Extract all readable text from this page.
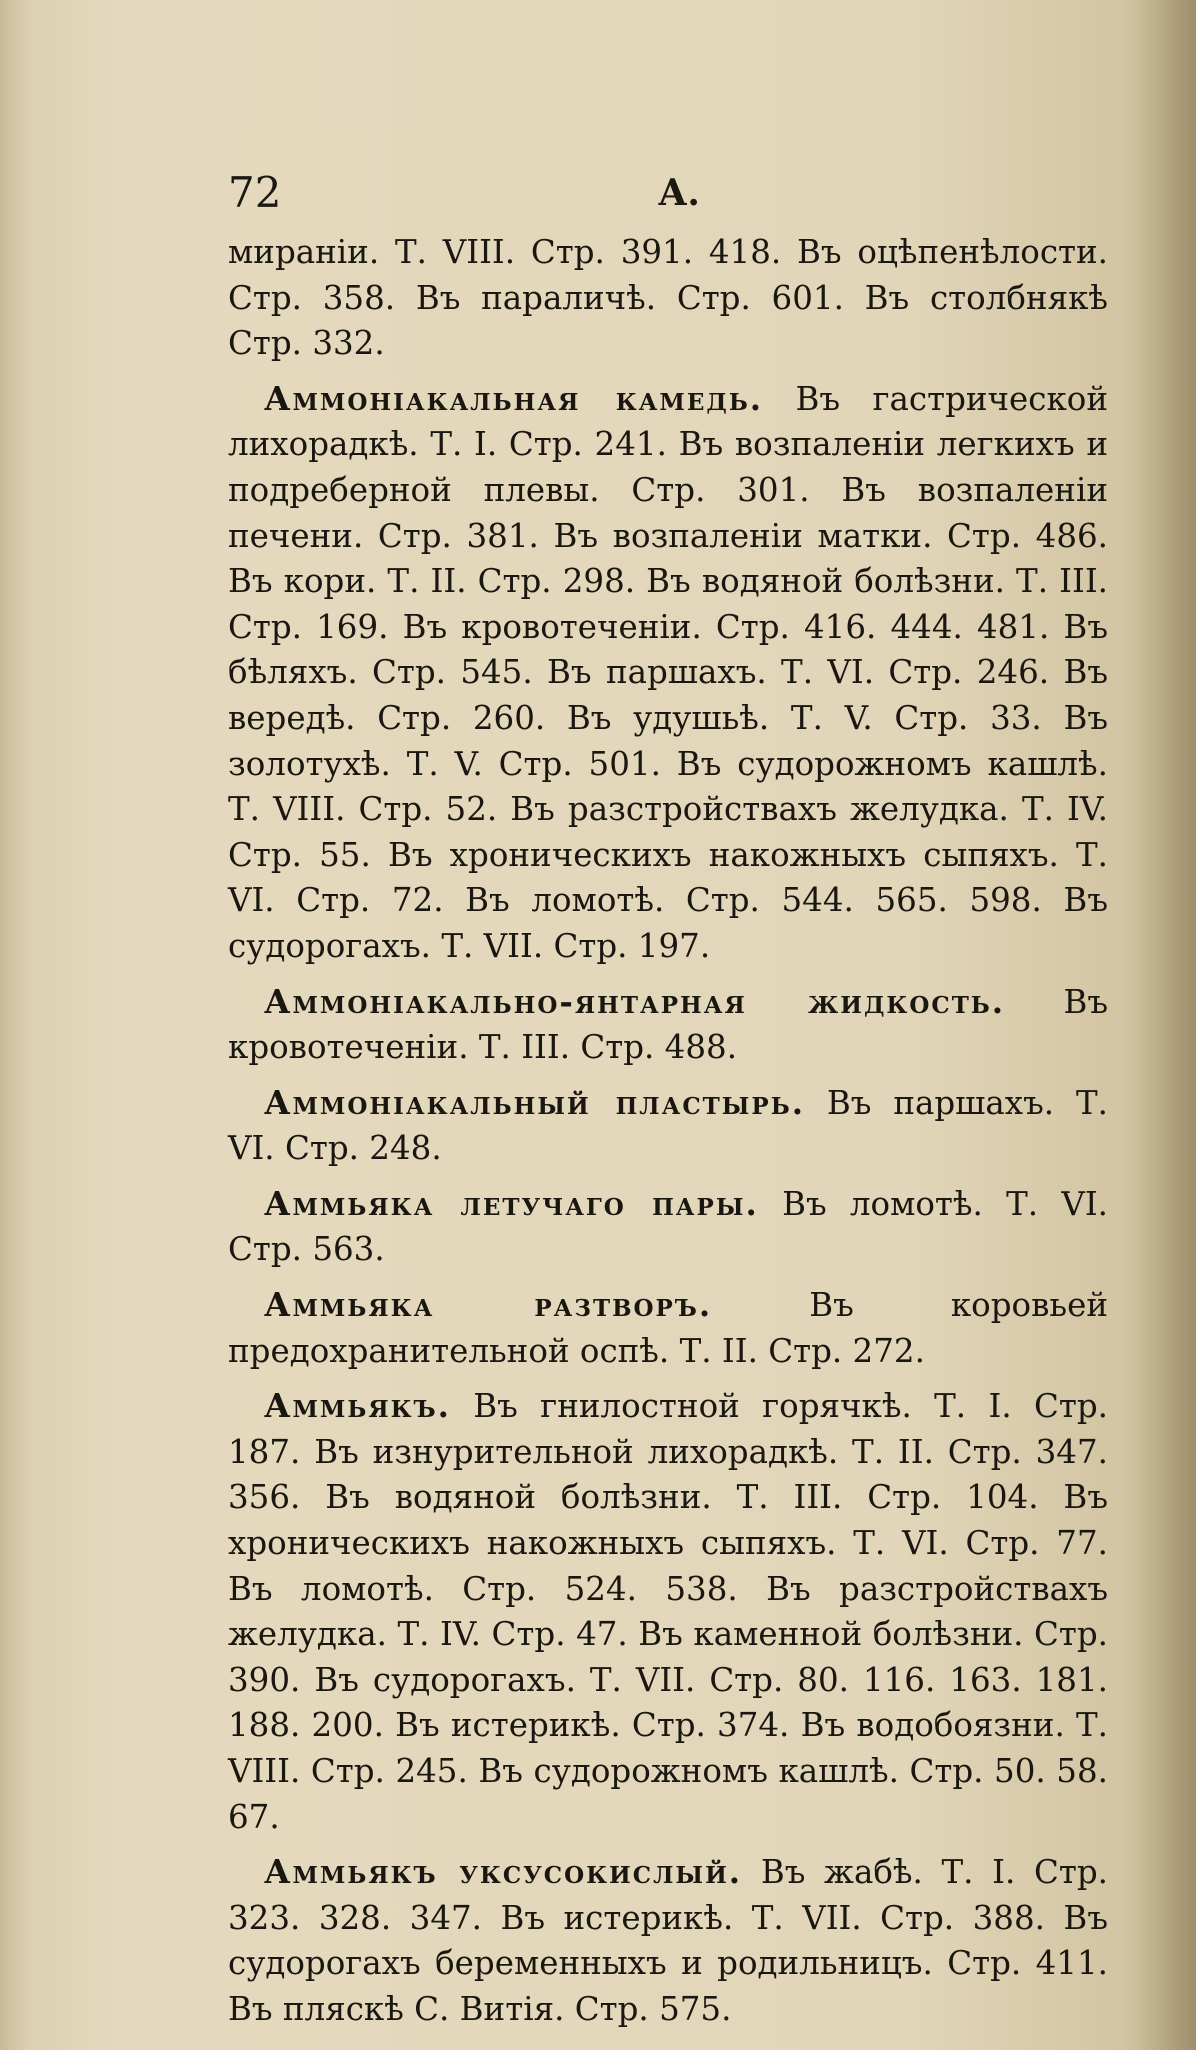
72	А.

мираніи. Т. VIII. Стр. 391. 418. Въ оцѣпенѣлости. Стр. 358. Въ параличѣ. Стр. 601. Въ столбнякѣ Стр. 332.

Аммоніакальная камедь. Въ гастрической лихорадкѣ. Т. I. Стр. 241. Въ возпаленіи легкихъ и подреберной плевы. Стр. 301. Въ возпаленіи печени. Стр. 381. Въ возпаленіи матки. Стр. 486. Въ кори. Т. II. Стр. 298. Въ водяной болѣзни. Т. III. Стр. 169. Въ кровотеченіи. Стр. 416. 444. 481. Въ бѣляхъ. Стр. 545. Въ паршахъ. Т. VI. Стр. 246. Въ вередѣ. Стр. 260. Въ удушьѣ. Т. V. Стр. 33. Въ золотухѣ. Т. V. Стр. 501. Въ судорожномъ кашлѣ. Т. VIII. Стр. 52. Въ разстройствахъ желудка. Т. IV. Стр. 55. Въ хроническихъ накожныхъ сыпяхъ. Т. VI. Стр. 72. Въ ломотѣ. Стр. 544. 565. 598. Въ судорогахъ. Т. VII. Стр. 197.

Аммоніакально-янтарная жидкость. Въ кровотеченіи. Т. III. Стр. 488.

Аммоніакальный пластырь. Въ паршахъ. Т. VI. Стр. 248.

Аммьяка летучаго пары. Въ ломотѣ. Т. VI. Стр. 563.

Аммьяка разтворъ.	Въ коровьей предохранительной оспѣ. Т. II. Стр. 272.

Аммьякъ. Въ гнилостной горячкѣ. Т. I. Стр. 187. Въ изнурительной лихорадкѣ. Т. II. Стр. 347. 356. Въ водяной болѣзни. Т. III. Стр. 104. Въ хроническихъ накожныхъ сыпяхъ. Т. VI. Стр. 77. Въ ломотѣ. Стр. 524. 538. Въ разстройствахъ желудка. Т. IV. Стр. 47. Въ каменной болѣзни. Стр. 390. Въ судорогахъ. Т. VII. Стр. 80. 116. 163. 181. 188. 200. Въ истерикѣ. Стр. 374. Въ водобоязни. Т. VIII. Стр. 245. Въ судорожномъ кашлѣ. Стр. 50. 58. 67.

Аммьякъ уксусокислый. Въ жабѣ. Т. I. Стр. 323. 328. 347. Въ истерикѣ. Т. VII. Стр. 388. Въ судорогахъ беременныхъ и родильницъ. Стр. 411. Въ пляскѣ С. Витія. Стр. 575.
